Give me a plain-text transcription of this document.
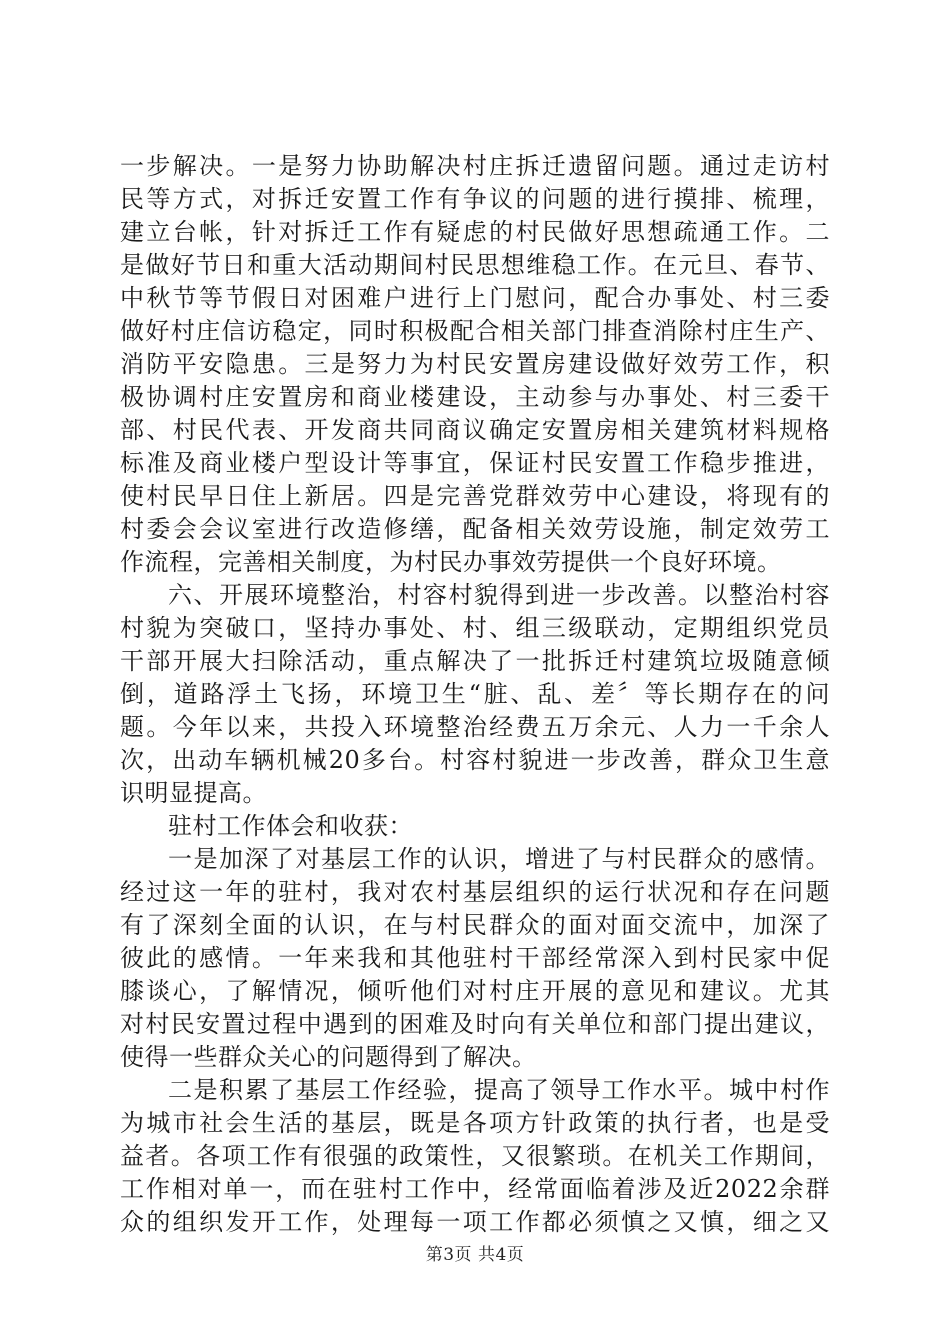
一步解决。一是努力协助解决村庄拆迁遗留问题。通过走访村
民等方式，对拆迁安置工作有争议的问题的进行摸排、梳理，
建立台帐，针对拆迁工作有疑虑的村民做好思想疏通工作。二
是做好节日和重大活动期间村民思想维稳工作。在元旦、春节、
中秋节等节假日对困难户进行上门慰问，配合办事处、村三委
做好村庄信访稳定，同时积极配合相关部门排查消除村庄生产、
消防平安隐患。三是努力为村民安置房建设做好效劳工作，积
极协调村庄安置房和商业楼建设，主动参与办事处、村三委干
部、村民代表、开发商共同商议确定安置房相关建筑材料规格
标准及商业楼户型设计等事宜，保证村民安置工作稳步推进，
使村民早日住上新居。四是完善党群效劳中心建设，将现有的
村委会会议室进行改造修缮，配备相关效劳设施，制定效劳工
作流程，完善相关制度，为村民办事效劳提供一个良好环境。
六、开展环境整治，村容村貌得到进一步改善。以整治村容
村貌为突破口，坚持办事处、村、组三级联动，定期组织党员
干部开展大扫除活动，重点解决了一批拆迁村建筑垃圾随意倾
倒，道路浮土飞扬，环境卫生“脏、乱、差〞等长期存在的问
题。今年以来，共投入环境整治经费五万余元、人力一千余人
次，出动车辆机械20多台。村容村貌进一步改善，群众卫生意
识明显提高。
驻村工作体会和收获：
一是加深了对基层工作的认识，增进了与村民群众的感情。
经过这一年的驻村，我对农村基层组织的运行状况和存在问题
有了深刻全面的认识，在与村民群众的面对面交流中，加深了
彼此的感情。一年来我和其他驻村干部经常深入到村民家中促
膝谈心，了解情况，倾听他们对村庄开展的意见和建议。尤其
对村民安置过程中遇到的困难及时向有关单位和部门提出建议，
使得一些群众关心的问题得到了解决。
二是积累了基层工作经验，提高了领导工作水平。城中村作
为城市社会生活的基层，既是各项方针政策的执行者，也是受
益者。各项工作有很强的政策性，又很繁琐。在机关工作期间，
工作相对单一，而在驻村工作中，经常面临着涉及近2022余群
众的组织发开工作，处理每一项工作都必须慎之又慎，细之又
第3页 共4页
